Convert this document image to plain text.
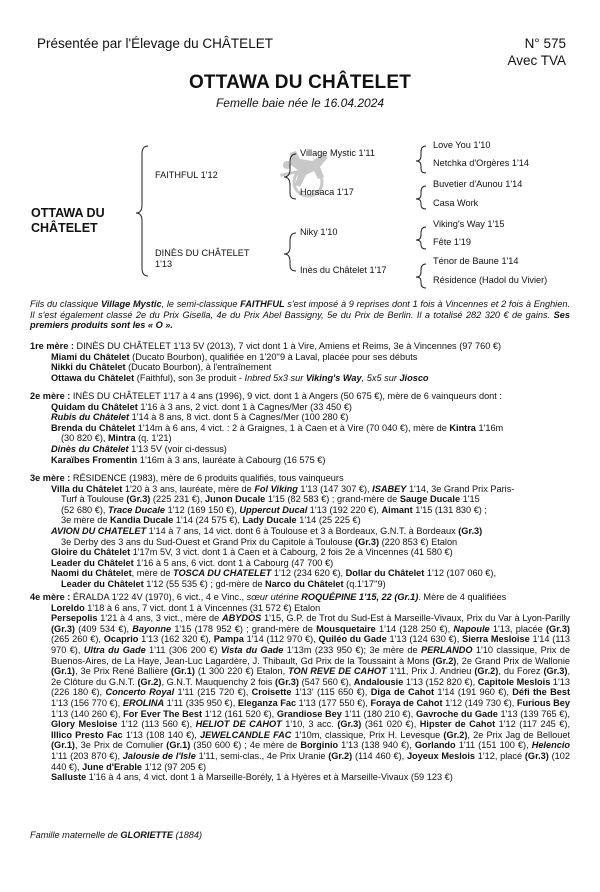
Présentée par l'Élevage du CHÂTELET	N° 575
Avec TVA
OTTAWA DU CHÂTELET
Femelle baie née le 16.04.2024
OTTAWA DU
CHÂTELET
FAITHFUL 1'12
DINÈS DU CHÂTELET
1'13
Village Mystic 1'11
Horsaca 1'17
Niky 1'10
Inès du Châtelet 1'17
Love You 1'10
Netchka d'Orgères 1'14
Buvetier d'Aunou 1'14
Casa Work
Viking's Way 1'15
Fête 1'19
Ténor de Baune 1'14
Résidence (Hadol du Vivier)
Fils du classique Village Mystic, le semi-classique FAITHFUL s'est imposé à 9 reprises dont 1 fois à Vincennes et 2 fois à Enghien. Il s'est également classé 2e du Prix Gisella, 4e du Prix Abel Bassigny, 5e du Prix de Berlin. Il a totalisé 282 320 € de gains. Ses premiers produits sont les « O ».

1re mère : DINÈS DU CHÂTELET 1'13 5V (2013), 7 vict dont 1 à Vire, Amiens et Reims, 3e à Vincennes (97 760 €)

Miami du Châtelet (Ducato Bourbon), qualifiée en 1'20''9 à Laval, placée pour ses débuts

Nikki du Châtelet (Ducato Bourbon), à l'entraînement

Ottawa du Châtelet (Faithful), son 3e produit - Inbred 5x3 sur Viking's Way, 5x5 sur Jiosco

2e mère : INÈS DU CHÂTELET 1'17 à 4 ans (1996), 9 vict. dont 1 à Angers (50 675 €), mère de 6 vainqueurs dont :

Quidam du Châtelet 1'16 à 3 ans, 2 vict. dont 1 à Cagnes/Mer (33 450 €)

Rubis du Châtelet 1'14 à 8 ans, 8 vict. dont 5 à Cagnes/Mer (100 280 €)

Brenda du Châtelet 1'14m à 6 ans, 4 vict. : 2 à Graignes, 1 à Caen et à Vire (70 040 €), mère de Kintra 1'16m

(30 820 €), Mintra (q. 1'21)

Dinès du Châtelet 1'13 5V (voir ci-dessus)

Karaïbes Fromentin 1'16m à 3 ans, lauréate à Cabourg (16 575 €)

3e mère : RÉSIDENCE (1983), mère de 6 produits qualifiés, tous vainqueurs

Villa du Châtelet 1'20 à 3 ans, lauréate, mère de Fol Viking 1'13 (147 307 €), ISABEY 1'14, 3e Grand Prix Paris-

Turf à Toulouse (Gr.3) (225 231 €), Junon Ducale 1'15 (82 583 €) ; grand-mère de Sauge Ducale 1'15

(52 680 €), Trace Ducale 1'12 (169 150 €), Uppercut Ducal 1'13 (192 220 €), Aimant 1'15 (131 830 €) ;

3e mère de Kandia Ducale 1'14 (24 575 €), Lady Ducale 1'14 (25 225 €)

AVION DU CHATELET 1'14 à 7 ans, 14 vict. dont 6 à Toulouse et 3 à Bordeaux, G.N.T. à Bordeaux (Gr.3)

3e Derby des 3 ans du Sud-Ouest et Grand Prix du Capitole à Toulouse (Gr.3) (220 853 €) Etalon

Gloire du Châtelet 1'17m 5V, 3 vict. dont 1 à Caen et à Cabourg, 2 fois 2e à Vincennes (41 580 €)

Leader du Châtelet 1'16 à 5 ans, 6 vict. dont 1 à Cabourg (47 700 €)

Naomi du Châtelet, mère de TOSCA DU CHATELET 1'12 (234 620 €), Dollar du Châtelet 1'12 (107 060 €),

Leader du Châtelet 1'12 (55 535 €) ; gd-mère de Narco du Châtelet (q.1'17''9)

4e mère : ÉRALDA 1'22 4V (1970), 6 vict., 4 e Vinc., sœur utérine ROQUÉPINE 1'15, 22 (Gr.1). Mère de 4 qualifiées

Loreldo 1'18 à 6 ans, 7 vict. dont 1 à Vincennes (31 572 €) Etalon

Persepolis 1'21 à 4 ans, 3 vict., mère de ABYDOS 1'15, G.P. de Trot du Sud-Est à Marseille-Vivaux, Prix du Var à Lyon-Parilly (Gr.3) (409 534 €), Bayonne 1'15 (178 952 €) ; grand-mère de Mousquetaire 1'14 (128 250 €), Napoule 1'13, placée (Gr.3) (265 260 €), Ocaprio 1'13 (162 320 €), Pampa 1'14 (112 970 €), Quiléo du Gade 1'13 (124 630 €), Sierra Mesloise 1'14 (113 970 €), Ultra du Gade 1'11 (306 200 €) Vista du Gade 1'13m (233 950 €); 3e mère de PERLANDO 1'10 classique, Prix de Buenos-Aires, de La Haye, Jean-Luc Lagardère, J. Thibault, Gd Prix de la Toussaint à Mons (Gr.2), 2e Grand Prix de Wallonie (Gr.1), 3e Prix René Ballière (Gr.1) (1 300 220 €) Etalon, TON REVE DE CAHOT 1'11, Prix J. Andrieu (Gr.2), du Forez (Gr.3), 2e Clôture du G.N.T. (Gr.2), G.N.T. Mauquenchy 2 fois (Gr.3) (547 560 €), Andalousie 1'13 (152 820 €), Capitole Meslois 1'13 (226 180 €), Concerto Royal 1'11 (215 720 €), Croisette 1'13' (115 650 €), Diga de Cahot 1'14 (191 960 €), Défi the Best 1'13 (156 770 €), EROLINA 1'11 (335 950 €), Eleganza Fac 1'13 (177 550 €), Foraya de Cahot 1'12 (149 730 €), Furious Bey 1'13 (140 260 €), For Ever The Best 1'12 (161 520 €), Grandiose Bey 1'11 (180 210 €), Gavroche du Gade 1'13 (139 765 €), Glory Mesloise 1'12 (113 560 €), HELIOT DE CAHOT 1'10, 3 acc. (Gr.3) (361 020 €), Hipster de Cahot 1'12 (117 245 €), Illico Presto Fac 1'13 (108 140 €), JEWELCANDLE FAC 1'10m, classique, Prix H. Levesque (Gr.2), 2e Prix Jag de Bellouet (Gr.1), 3e Prix de Cornulier (Gr.1) (350 600 €) ; 4e mère de Borginio 1'13 (138 940 €), Gorlando 1'11 (151 100 €), Helencio 1'11 (203 870 €), Jalousie de l'Isle 1'11, semi-clas., 4e Prix Uranie (Gr.2) (114 460 €), Joyeux Meslois 1'12, placé (Gr.3) (102 440 €), June d'Erable 1'12 (97 205 €)

Salluste 1'16 à 4 ans, 4 vict. dont 1 à Marseille-Borély, 1 à Hyères et à Marseille-Vivaux (59 123 €)

Famille maternelle de GLORIETTE (1884)
